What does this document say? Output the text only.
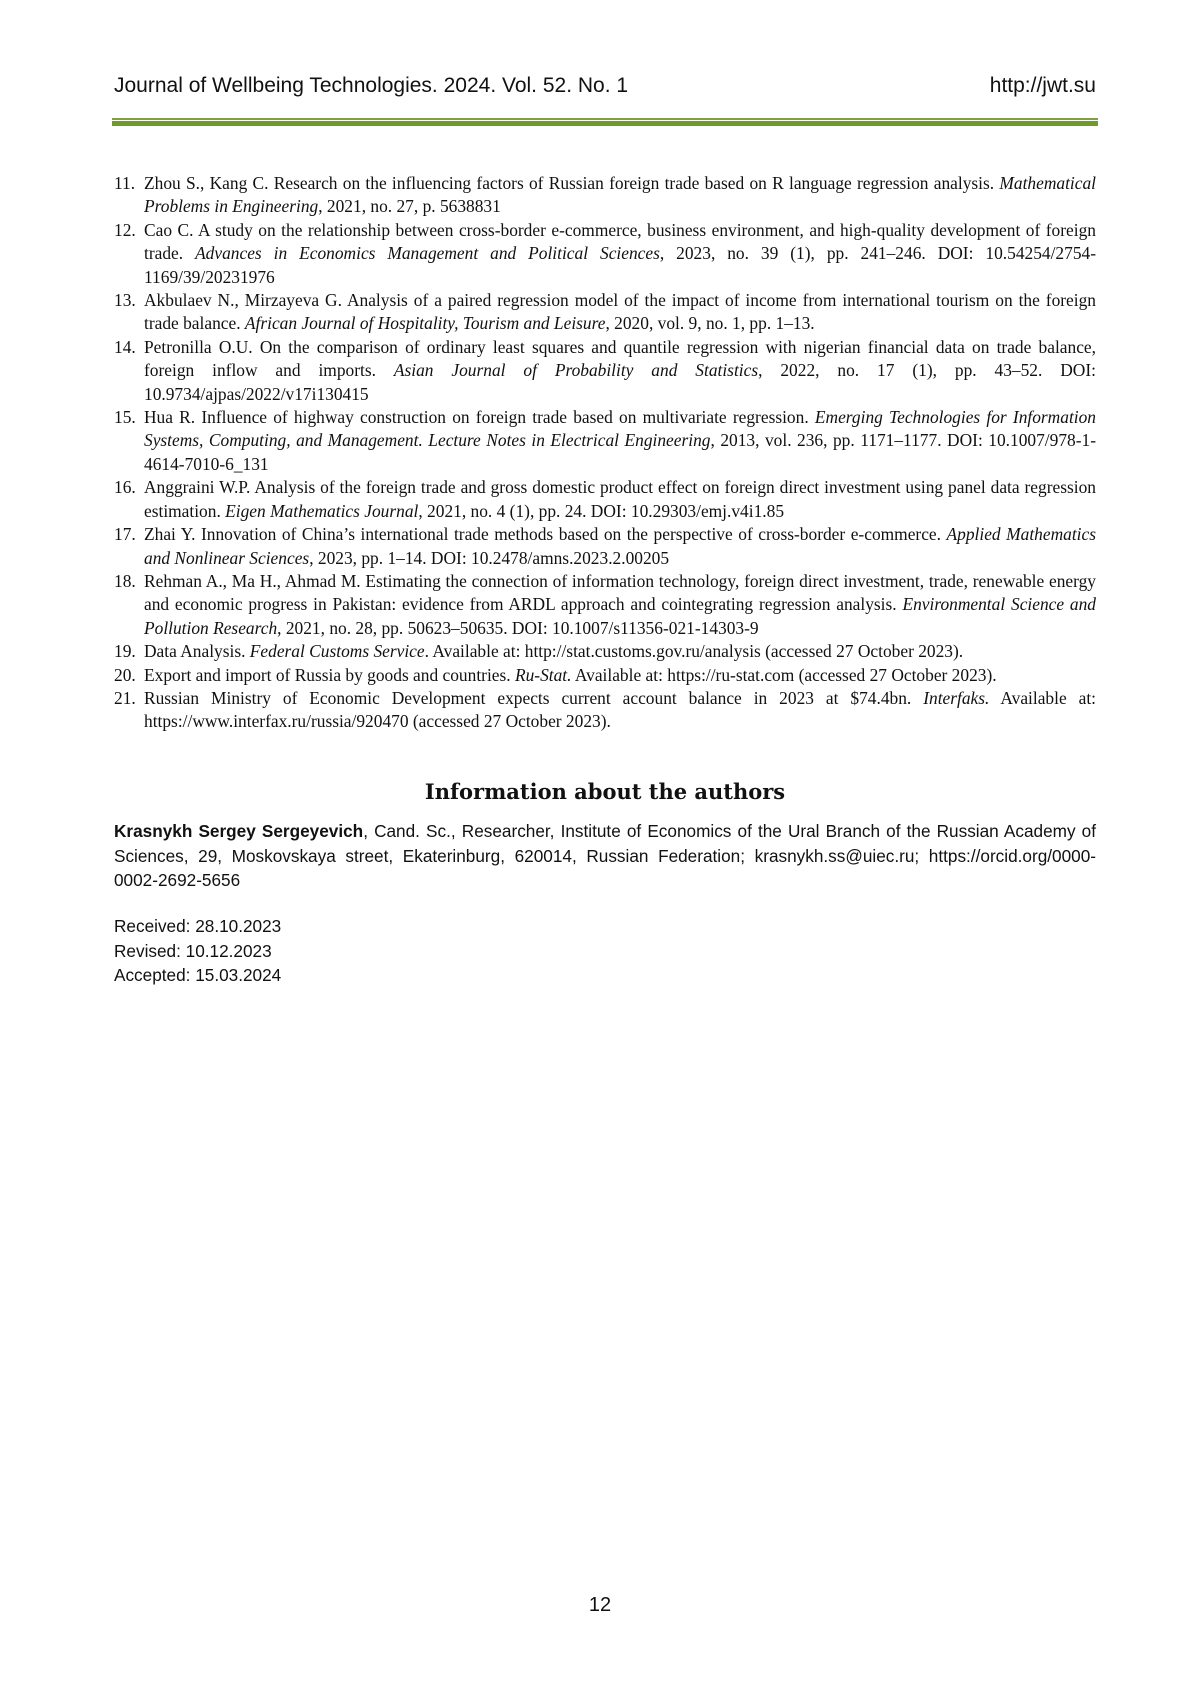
Journal of Wellbeing Technologies. 2024. Vol. 52. No. 1	http://jwt.su
11. Zhou S., Kang C. Research on the influencing factors of Russian foreign trade based on R language regression analysis. Mathematical Problems in Engineering, 2021, no. 27, p. 5638831
12. Cao C. A study on the relationship between cross-border e-commerce, business environment, and high-quality development of foreign trade. Advances in Economics Management and Political Sciences, 2023, no. 39 (1), pp. 241–246. DOI: 10.54254/2754-1169/39/20231976
13. Akbulaev N., Mirzayeva G. Analysis of a paired regression model of the impact of income from international tourism on the foreign trade balance. African Journal of Hospitality, Tourism and Leisure, 2020, vol. 9, no. 1, pp. 1–13.
14. Petronilla O.U. On the comparison of ordinary least squares and quantile regression with nigerian financial data on trade balance, foreign inflow and imports. Asian Journal of Probability and Statistics, 2022, no. 17 (1), pp. 43–52. DOI: 10.9734/ajpas/2022/v17i130415
15. Hua R. Influence of highway construction on foreign trade based on multivariate regression. Emerging Technologies for Information Systems, Computing, and Management. Lecture Notes in Electrical Engineering, 2013, vol. 236, pp. 1171–1177. DOI: 10.1007/978-1-4614-7010-6_131
16. Anggraini W.P. Analysis of the foreign trade and gross domestic product effect on foreign direct investment using panel data regression estimation. Eigen Mathematics Journal, 2021, no. 4 (1), pp. 24. DOI: 10.29303/emj.v4i1.85
17. Zhai Y. Innovation of China’s international trade methods based on the perspective of cross-border e-commerce. Applied Mathematics and Nonlinear Sciences, 2023, pp. 1–14. DOI: 10.2478/amns.2023.2.00205
18. Rehman A., Ma H., Ahmad M. Estimating the connection of information technology, foreign direct investment, trade, renewable energy and economic progress in Pakistan: evidence from ARDL approach and cointegrating regression analysis. Environmental Science and Pollution Research, 2021, no. 28, pp. 50623–50635. DOI: 10.1007/s11356-021-14303-9
19. Data Analysis. Federal Customs Service. Available at: http://stat.customs.gov.ru/analysis (accessed 27 October 2023).
20. Export and import of Russia by goods and countries. Ru-Stat. Available at: https://ru-stat.com (accessed 27 October 2023).
21. Russian Ministry of Economic Development expects current account balance in 2023 at $74.4bn. Interfaks. Available at: https://www.interfax.ru/russia/920470 (accessed 27 October 2023).
Information about the authors
Krasnykh Sergey Sergeyevich, Cand. Sc., Researcher, Institute of Economics of the Ural Branch of the Russian Academy of Sciences, 29, Moskovskaya street, Ekaterinburg, 620014, Russian Federation; krasnykh.ss@uiec.ru; https://orcid.org/0000-0002-2692-5656
Received: 28.10.2023
Revised: 10.12.2023
Accepted: 15.03.2024
12
